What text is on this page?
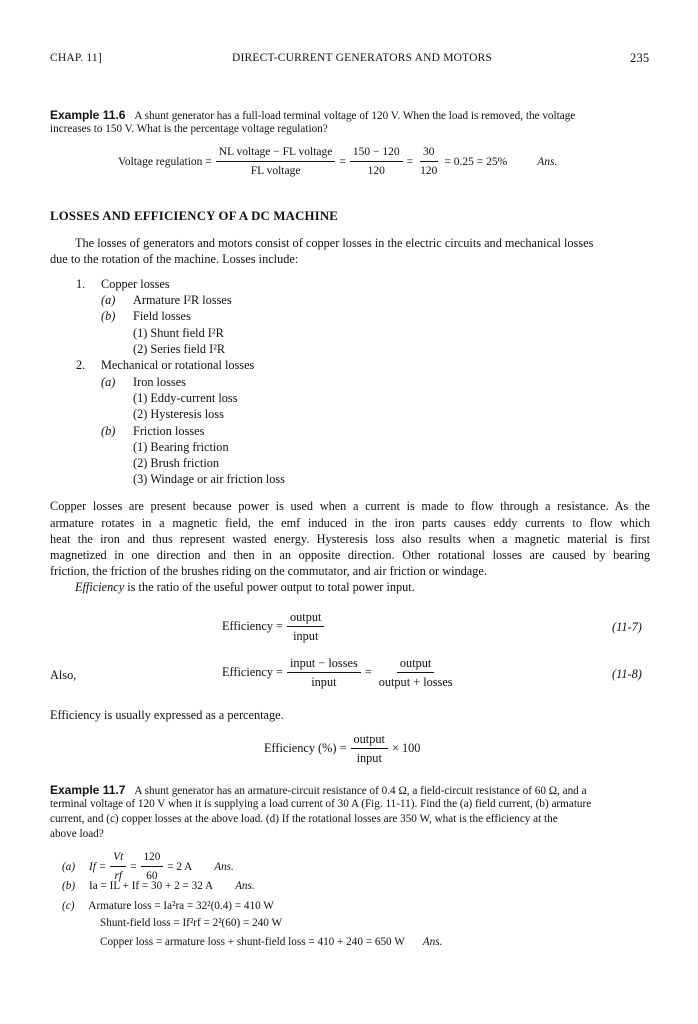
CHAP. 11]	DIRECT-CURRENT GENERATORS AND MOTORS	235
Example 11.6 A shunt generator has a full-load terminal voltage of 120 V. When the load is removed, the voltage
increases to 150 V. What is the percentage voltage regulation?
Voltage regulation = $\frac{\text{NL voltage − FL voltage}}{\text{FL voltage}} = \frac{150 - 120}{120} = \frac{30}{120} = 0.25 = 25\%$	Ans.
LOSSES AND EFFICIENCY OF A DC MACHINE
The losses of generators and motors consist of copper losses in the electric circuits and mechanical losses
due to the rotation of the machine. Losses include:
1. Copper losses
(a) Armature I²R losses
(b) Field losses
(1) Shunt field I²R
(2) Series field I²R
2. Mechanical or rotational losses
(a) Iron losses
(1) Eddy-current loss
(2) Hysteresis loss
(b) Friction losses
(1) Bearing friction
(2) Brush friction
(3) Windage or air friction loss
Copper losses are present because power is used when a current is made to flow through a resistance. As the
armature rotates in a magnetic field, the emf induced in the iron parts causes eddy currents to flow which
heat the iron and thus represent wasted energy. Hysteresis loss also results when a magnetic material is first
magnetized in one direction and then in an opposite direction. Other rotational losses are caused by bearing
friction, the friction of the brushes riding on the commutator, and air friction or windage.
Efficiency is the ratio of the useful power output to total power input.
Efficiency = $\frac{\text{output}}{\text{input}}$	(11-7)
Also,	Efficiency = $\frac{\text{input − losses}}{\text{input}} = \frac{\text{output}}{\text{output + losses}}$	(11-8)
Efficiency is usually expressed as a percentage.
Efficiency (%) = $\frac{\text{output}}{\text{input}} \times 100$
Example 11.7 A shunt generator has an armature-circuit resistance of 0.4 Ω, a field-circuit resistance of 60 Ω, and a
terminal voltage of 120 V when it is supplying a load current of 30 A (Fig. 11-11). Find the (a) field current, (b) armature
current, and (c) copper losses at the above load. (d) If the rotational losses are 350 W, what is the efficiency at the
above load?
(a) $If = \frac{Vt}{rf} = \frac{120}{60} = 2$ A Ans.
(b) Ia = IL + If = 30 + 2 = 32 A Ans.
(c) Armature loss = Ia²ra = 32²(0.4) = 410 W
Shunt-field loss = If²rf = 2²(60) = 240 W
Copper loss = armature loss + shunt-field loss = 410 + 240 = 650 W Ans.
